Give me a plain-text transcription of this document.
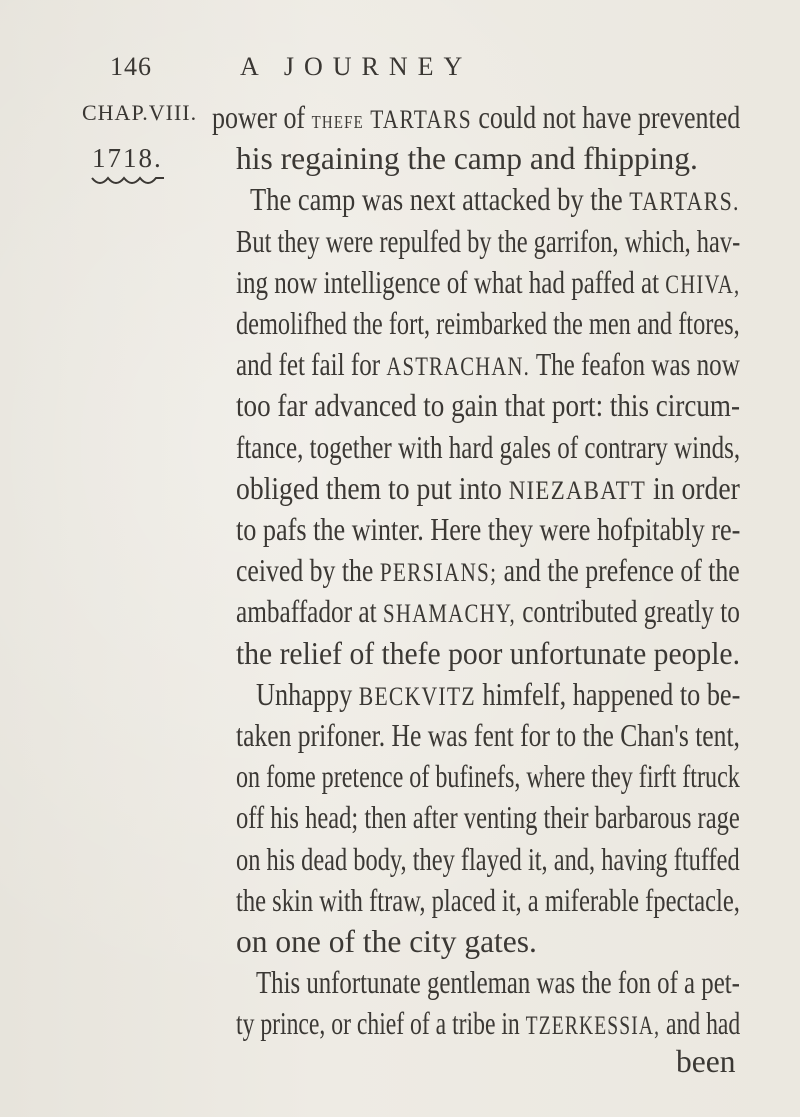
146	A JOURNEY
CHAP.VIII.
1718.
power of thefe TARTARS could not have prevented
his regaining the camp and fhipping.
The camp was next attacked by the TARTARS.
But they were repulfed by the garrifon, which, hav-
ing now intelligence of what had paffed at CHIVA,
demolifhed the fort, reimbarked the men and ftores,
and fet fail for ASTRACHAN. The feafon was now
too far advanced to gain that port: this circum-
ftance, together with hard gales of contrary winds,
obliged them to put into NIEZABATT in order
to pafs the winter. Here they were hofpitably re-
ceived by the PERSIANS; and the prefence of the
ambaffador at SHAMACHY, contributed greatly to
the relief of thefe poor unfortunate people.
Unhappy BECKVITZ himfelf, happened to be-
taken prifoner. He was fent for to the Chan's tent,
on fome pretence of bufinefs, where they firft ftruck
off his head; then after venting their barbarous rage
on his dead body, they flayed it, and, having ftuffed
the skin with ftraw, placed it, a miferable fpectacle,
on one of the city gates.
This unfortunate gentleman was the fon of a pet-
ty prince, or chief of a tribe in TZERKESSIA, and had
been
